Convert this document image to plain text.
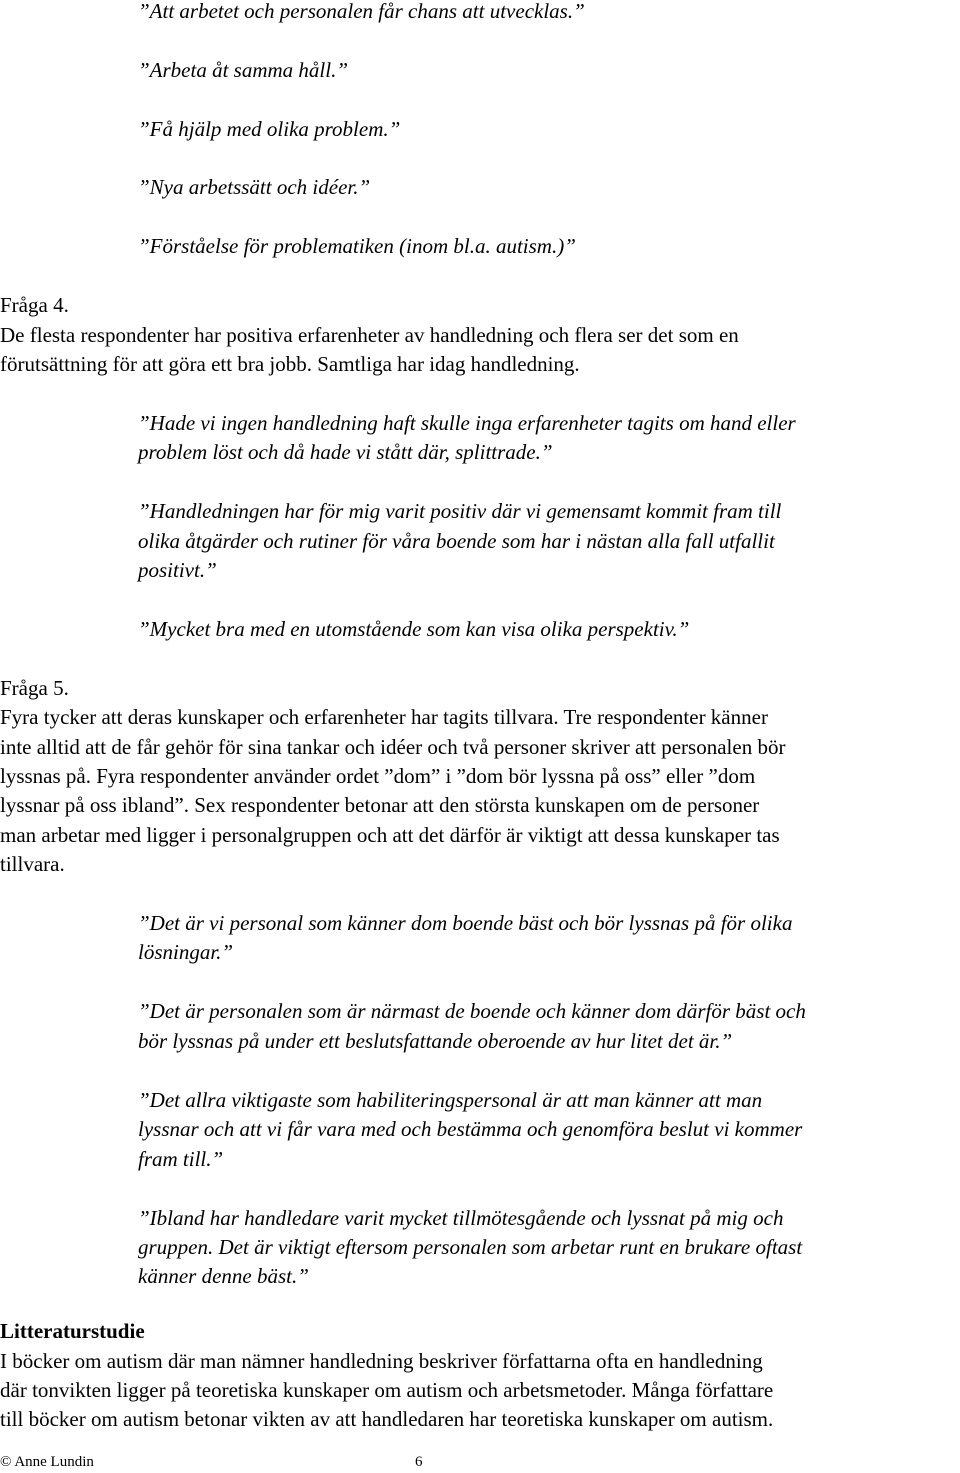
”Att arbetet och personalen får chans att utvecklas.”
”Arbeta åt samma håll.”
”Få hjälp med olika problem.”
”Nya arbetssätt och idéer.”
”Förståelse för problematiken (inom bl.a. autism.)”
Fråga 4.
De flesta respondenter har positiva erfarenheter av handledning och flera ser det som en
förutsättning för att göra ett bra jobb. Samtliga har idag handledning.
”Hade vi ingen handledning haft skulle inga erfarenheter tagits om hand eller
problem löst och då hade vi stått där, splittrade.”
”Handledningen har för mig varit positiv där vi gemensamt kommit fram till
olika åtgärder och rutiner för våra boende som har i nästan alla fall utfallit
positivt.”
”Mycket bra med en utomstående som kan visa olika perspektiv.”
Fråga 5.
Fyra tycker att deras kunskaper och erfarenheter har tagits tillvara. Tre respondenter känner
inte alltid att de får gehör för sina tankar och idéer och två personer skriver att personalen bör
lyssnas på. Fyra respondenter använder ordet ”dom” i ”dom bör lyssna på oss” eller ”dom
lyssnar på oss ibland”. Sex respondenter betonar att den största kunskapen om de personer
man arbetar med ligger i personalgruppen och att det därför är viktigt att dessa kunskaper tas
tillvara.
”Det är vi personal som känner dom boende bäst och bör lyssnas på för olika
lösningar.”
”Det är personalen som är närmast de boende och känner dom därför bäst och
bör lyssnas på under ett beslutsfattande oberoende av hur litet det är.”
”Det allra viktigaste som habiliteringspersonal är att man känner att man
lyssnar och att vi får vara med och bestämma och genomföra beslut vi kommer
fram till.”
”Ibland har handledare varit mycket tillmötesgående och lyssnat på mig och
gruppen. Det är viktigt eftersom personalen som arbetar runt en brukare oftast
känner denne bäst.”
Litteraturstudie
I böcker om autism där man nämner handledning beskriver författarna ofta en handledning
där tonvikten ligger på teoretiska kunskaper om autism och arbetsmetoder. Många författare
till böcker om autism betonar vikten av att handledaren har teoretiska kunskaper om autism.
© Anne Lundin	6
